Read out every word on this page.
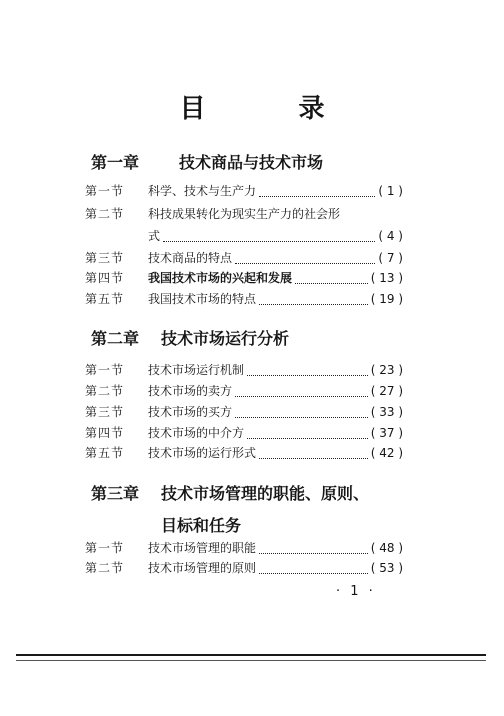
目 录
第一章 技术商品与技术市场
第一节	科学、技术与生产力	( 1 )
第二节	科技成果转化为现实生产力的社会形
式	( 4 )
第三节	技术商品的特点	( 7 )
第四节	我国技术市场的兴起和发展	( 13 )
第五节	我国技术市场的特点	( 19 )
第二章 技术市场运行分析
第一节	技术市场运行机制	( 23 )
第二节	技术市场的卖方	( 27 )
第三节	技术市场的买方	( 33 )
第四节	技术市场的中介方	( 37 )
第五节	技术市场的运行形式	( 42 )
第三章 技术市场管理的职能、原则、
目标和任务
第一节	技术市场管理的职能	( 48 )
第二节	技术市场管理的原则	( 53 )
· 1 ·
